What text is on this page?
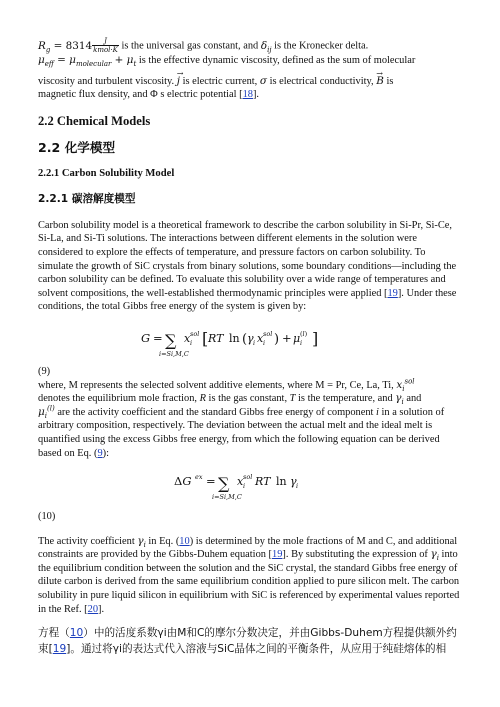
$R_g = 8314 \frac{J}{\text{kmol·K}}$ is the universal gas constant, and $\delta_{ij}$ is the Kronecker delta.

$\mu_{eff} = \mu_{molecular} + \mu_t$ is the effective dynamic viscosity, defined as the sum of molecular

viscosity and turbulent viscosity. → j is electric current, σ is electrical conductivity, → B is

magnetic flux density, and Φ s electric potential [18].

2.2 Chemical Models

2.2 化学模型

2.2.1 Carbon Solubility Model

2.2.1 碳溶解度模型

Carbon solubility model is a theoretical framework to describe the carbon solubility in Si-Pr, Si-Ce, Si-La, and Si-Ti solutions. The interactions between different elements in the solution were considered to explore the effects of temperature, and pressure factors on carbon solubility. To simulate the growth of SiC crystals from binary solutions, some boundary conditions—including the carbon solubility can be defined. To evaluate this solubility over a wide range of temperatures and solvent compositions, the well-established thermodynamic principles were applied [19]. Under these conditions, the total Gibbs free energy of the system is given by:

G = ∑
i=Si,M,C
x i
sol [ RT ln ( γ i x i
sol ) + μ i
(l) ]

(9)

where, M represents the selected solvent additive elements, where M = Pr, Ce, La, Ti, $x_i^{sol}$
denotes the equilibrium mole fraction, R is the gas constant, T is the temperature, and $\gamma_i$ and
$\mu_i^{(l)}$ are the activity coefficient and the standard Gibbs free energy of component i in a solution of arbitrary composition, respectively. The deviation between the actual melt and the ideal melt is quantified using the excess Gibbs free energy, from which the following equation can be derived based on Eq. (9):

ΔG ex = ∑
i=Si,M,C
x i
sol RT ln γ i

(10)

The activity coefficient $\gamma_i$ in Eq. (10) is determined by the mole fractions of M and C, and additional constraints are provided by the Gibbs-Duhem equation [19]. By substituting the expression of $\gamma_i$ into the equilibrium condition between the solution and the SiC crystal, the standard Gibbs free energy of dilute carbon is derived from the same equilibrium condition applied to pure silicon melt. The carbon solubility in pure liquid silicon in equilibrium with SiC is referenced by experimental values reported in the Ref. [20].

方程（10）中的活度系数γi由M和C的摩尔分数决定，并由Gibbs-Duhem方程提供额外约束[19]。通过将γi的表达式代入溶液与SiC晶体之间的平衡条件，从应用于纯硅熔体的相
